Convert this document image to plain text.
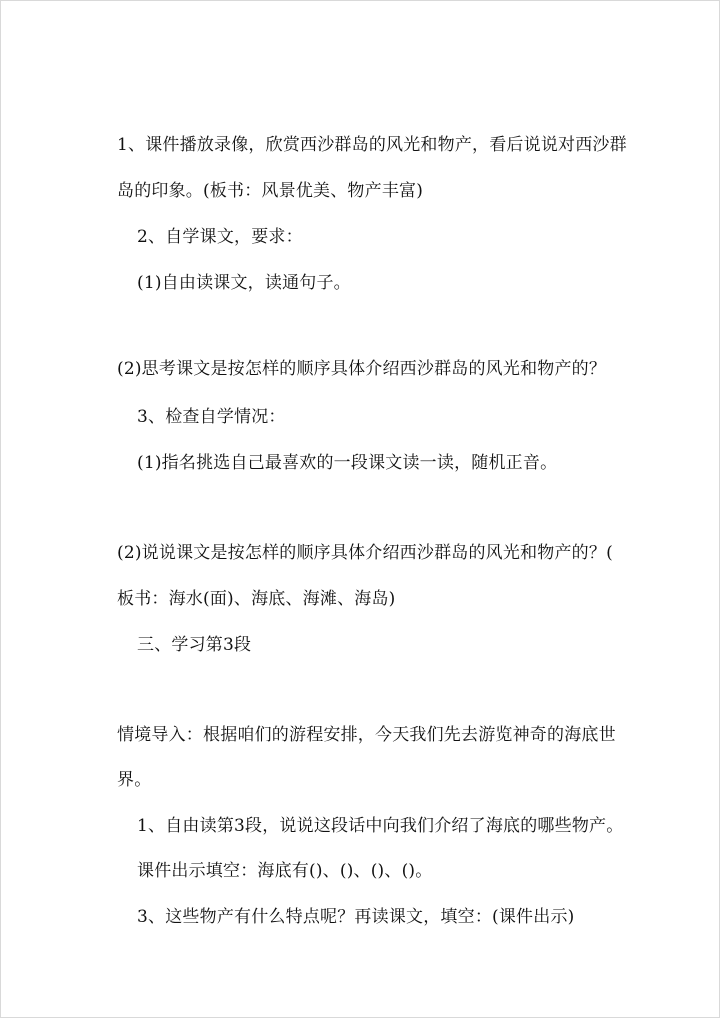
1、课件播放录像，欣赏西沙群岛的风光和物产，看后说说对西沙群
岛的印象。(板书：风景优美、物产丰富)
2、自学课文，要求：
(1)自由读课文，读通句子。
(2)思考课文是按怎样的顺序具体介绍西沙群岛的风光和物产的？
3、检查自学情况：
(1)指名挑选自己最喜欢的一段课文读一读，随机正音。
(2)说说课文是按怎样的顺序具体介绍西沙群岛的风光和物产的？(
板书：海水(面)、海底、海滩、海岛)
三、学习第3段
情境导入：根据咱们的游程安排，今天我们先去游览神奇的海底世
界。
1、自由读第3段，说说这段话中向我们介绍了海底的哪些物产。
课件出示填空：海底有()、()、()、()。
3、这些物产有什么特点呢？再读课文，填空：(课件出示)
